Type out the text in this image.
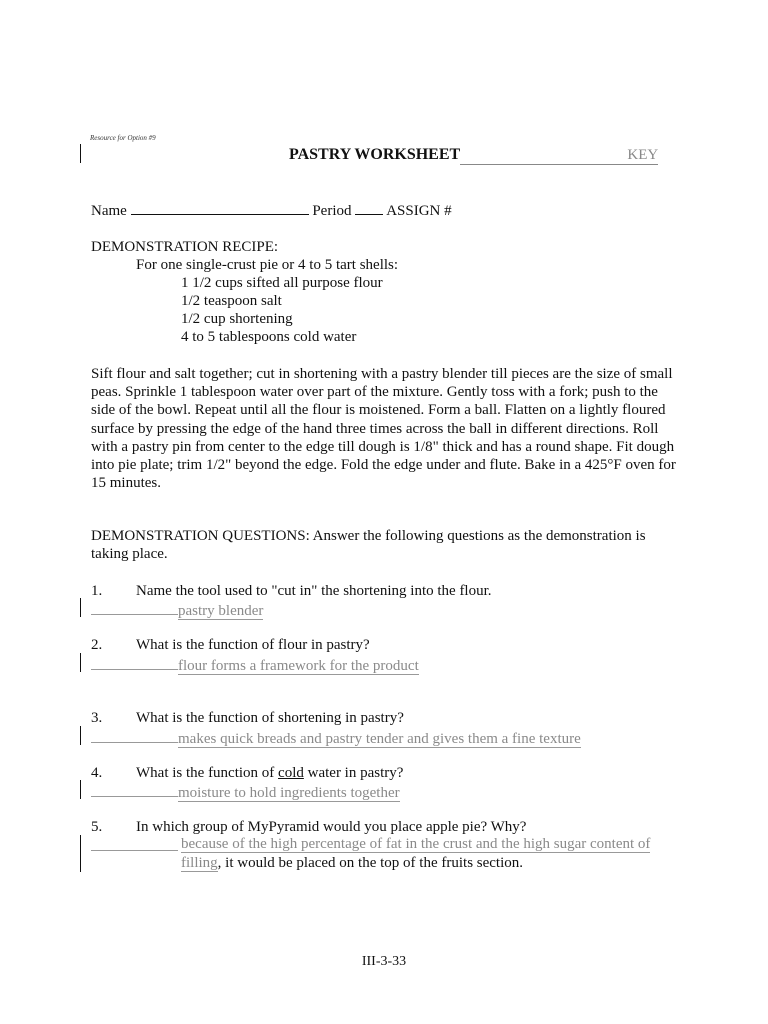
Resource for Option #9
PASTRY WORKSHEET	KEY
Name	Period ASSIGN #
DEMONSTRATION RECIPE:
For one single-crust pie or 4 to 5 tart shells:
1 1/2 cups sifted all purpose flour
1/2 teaspoon salt
1/2 cup shortening
4 to 5 tablespoons cold water
Sift flour and salt together; cut in shortening with a pastry blender till pieces are the size of small peas. Sprinkle 1 tablespoon water over part of the mixture. Gently toss with a fork; push to the side of the bowl. Repeat until all the flour is moistened. Form a ball. Flatten on a lightly floured surface by pressing the edge of the hand three times across the ball in different directions. Roll with a pastry pin from center to the edge till dough is 1/8" thick and has a round shape. Fit dough into pie plate; trim 1/2" beyond the edge. Fold the edge under and flute. Bake in a 425°F oven for 15 minutes.
DEMONSTRATION QUESTIONS: Answer the following questions as the demonstration is
taking place.
1. Name the tool used to "cut in" the shortening into the flour.
pastry blender
2. What is the function of flour in pastry?
flour forms a framework for the product
3. What is the function of shortening in pastry?
makes quick breads and pastry tender and gives them a fine texture
4. What is the function of cold water in pastry?
moisture to hold ingredients together
5. In which group of MyPyramid would you place apple pie? Why?
because of the high percentage of fat in the crust and the high sugar content of
filling, it would be placed on the top of the fruits section.
III-3-33
